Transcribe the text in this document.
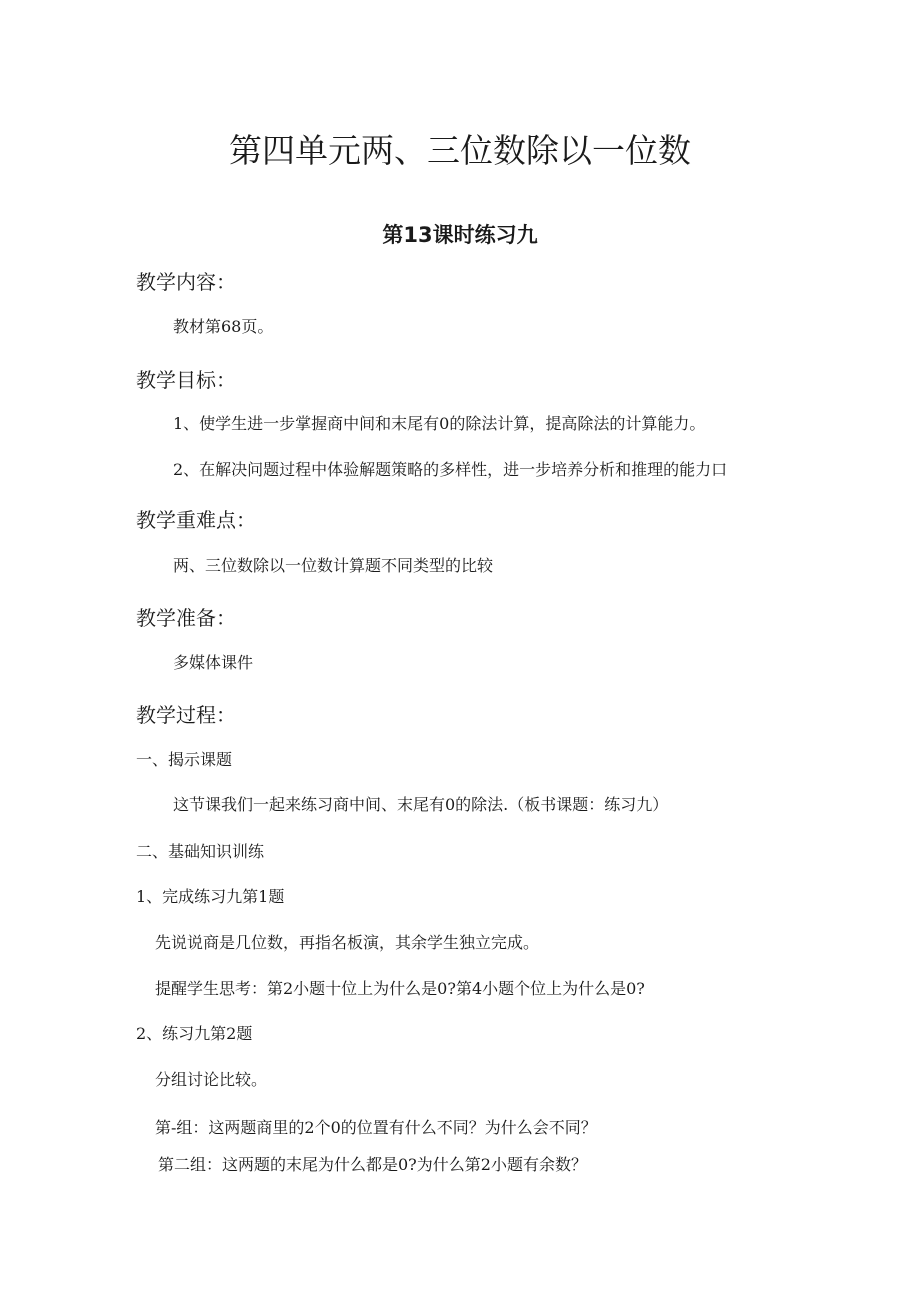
第四单元两、三位数除以一位数
第13课时练习九
教学内容：
教材第68页。
教学目标：
1、使学生进一步掌握商中间和末尾有0的除法计算，提高除法的计算能力。
2、在解决问题过程中体验解题策略的多样性，进一步培养分析和推理的能力口
教学重难点：
两、三位数除以一位数计算题不同类型的比较
教学准备：
多媒体课件
教学过程：
一、揭示课题
这节课我们一起来练习商中间、末尾有0的除法.（板书课题：练习九）
二、基础知识训练
1、完成练习九第1题
先说说商是几位数，再指名板演，其余学生独立完成。
提醒学生思考：第2小题十位上为什么是0?第4小题个位上为什么是0?
2、练习九第2题
分组讨论比较。
第-组：这两题商里的2个0的位置有什么不同？为什么会不同？
第二组：这两题的末尾为什么都是0?为什么第2小题有余数？
